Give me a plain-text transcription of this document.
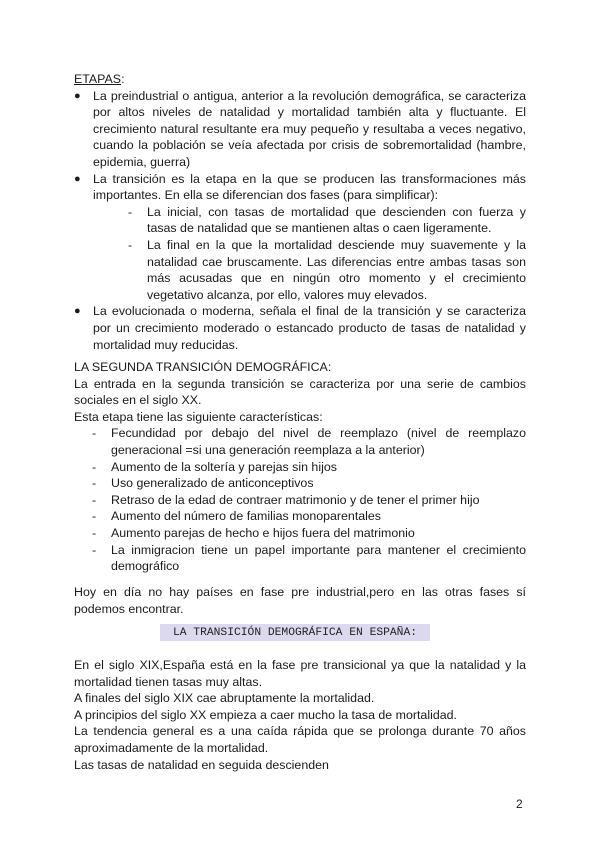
ETAPAS:

● La preindustrial o antigua, anterior a la revolución demográfica, se caracteriza por altos niveles de natalidad y mortalidad también alta y fluctuante. El crecimiento natural resultante era muy pequeño y resultaba a veces negativo, cuando la población se veía afectada por crisis de sobremortalidad (hambre, epidemia, guerra)
● La transición es la etapa en la que se producen las transformaciones más importantes. En ella se diferencian dos fases (para simplificar):
- La inicial, con tasas de mortalidad que descienden con fuerza y tasas de natalidad que se mantienen altas o caen ligeramente.
- La final en la que la mortalidad desciende muy suavemente y la natalidad cae bruscamente. Las diferencias entre ambas tasas son más acusadas que en ningún otro momento y el crecimiento vegetativo alcanza, por ello, valores muy elevados.
● La evolucionada o moderna, señala el final de la transición y se caracteriza por un crecimiento moderado o estancado producto de tasas de natalidad y mortalidad muy reducidas.

LA SEGUNDA TRANSICIÓN DEMOGRÁFICA:

La entrada en la segunda transición se caracteriza por una serie de cambios sociales en el siglo XX.

Esta etapa tiene las siguiente características:

- Fecundidad por debajo del nivel de reemplazo (nivel de reemplazo generacional =si una generación reemplaza a la anterior)
- Aumento de la soltería y parejas sin hijos
- Uso generalizado de anticonceptivos
- Retraso de la edad de contraer matrimonio y de tener el primer hijo
- Aumento del número de familias monoparentales
- Aumento parejas de hecho e hijos fuera del matrimonio
- La inmigracion tiene un papel importante para mantener el crecimiento demográfico
Hoy en día no hay países en fase pre industrial,pero en las otras fases sí podemos encontrar.
LA TRANSICIÓN DEMOGRÁFICA EN ESPAÑA:

En el siglo XIX,España está en la fase pre transicional ya que la natalidad y la mortalidad tienen tasas muy altas.

A finales del siglo XIX cae abruptamente la mortalidad.

A principios del siglo XX empieza a caer mucho la tasa de mortalidad.

La tendencia general es a una caída rápida que se prolonga durante 70 años aproximadamente de la mortalidad.

Las tasas de natalidad en seguida descienden

2
